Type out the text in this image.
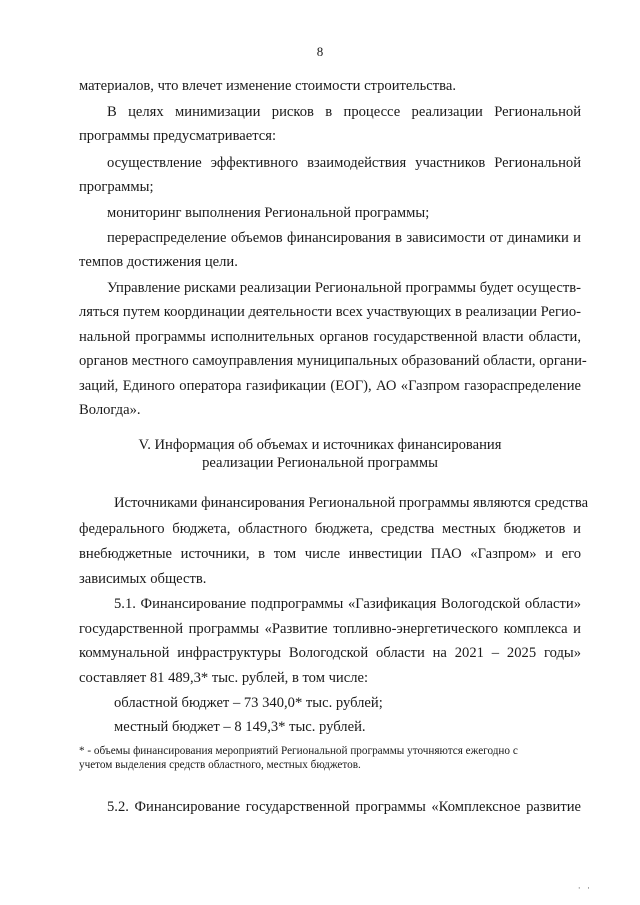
8
материалов, что влечет изменение стоимости строительства.
В целях минимизации рисков в процессе реализации Региональной
программы предусматривается:
осуществление эффективного взаимодействия участников Региональной
программы;
мониторинг выполнения Региональной программы;
перераспределение объемов финансирования в зависимости от динамики и
темпов достижения цели.
Управление рисками реализации Региональной программы будет осуществ-
ляться путем координации деятельности всех участвующих в реализации Регио-
нальной программы исполнительных органов государственной власти области,
органов местного самоуправления муниципальных образований области, органи-
заций, Единого оператора газификации (ЕОГ), АО «Газпром газораспределение
Вологда».
V. Информация об объемах и источниках финансирования
реализации Региональной программы
Источниками финансирования Региональной программы являются средства
федерального бюджета, областного бюджета, средства местных бюджетов и
внебюджетные источники, в том числе инвестиции ПАО «Газпром» и его
зависимых обществ.
5.1. Финансирование подпрограммы «Газификация Вологодской области»
государственной программы «Развитие топливно-энергетического комплекса и
коммунальной инфраструктуры Вологодской области на 2021 – 2025 годы»
составляет 81 489,3* тыс. рублей, в том числе:
областной бюджет – 73 340,0* тыс. рублей;
местный бюджет – 8 149,3* тыс. рублей.
* - объемы финансирования мероприятий Региональной программы уточняются ежегодно с
учетом выделения средств областного, местных бюджетов.
5.2. Финансирование государственной программы «Комплексное развитие
· ·
